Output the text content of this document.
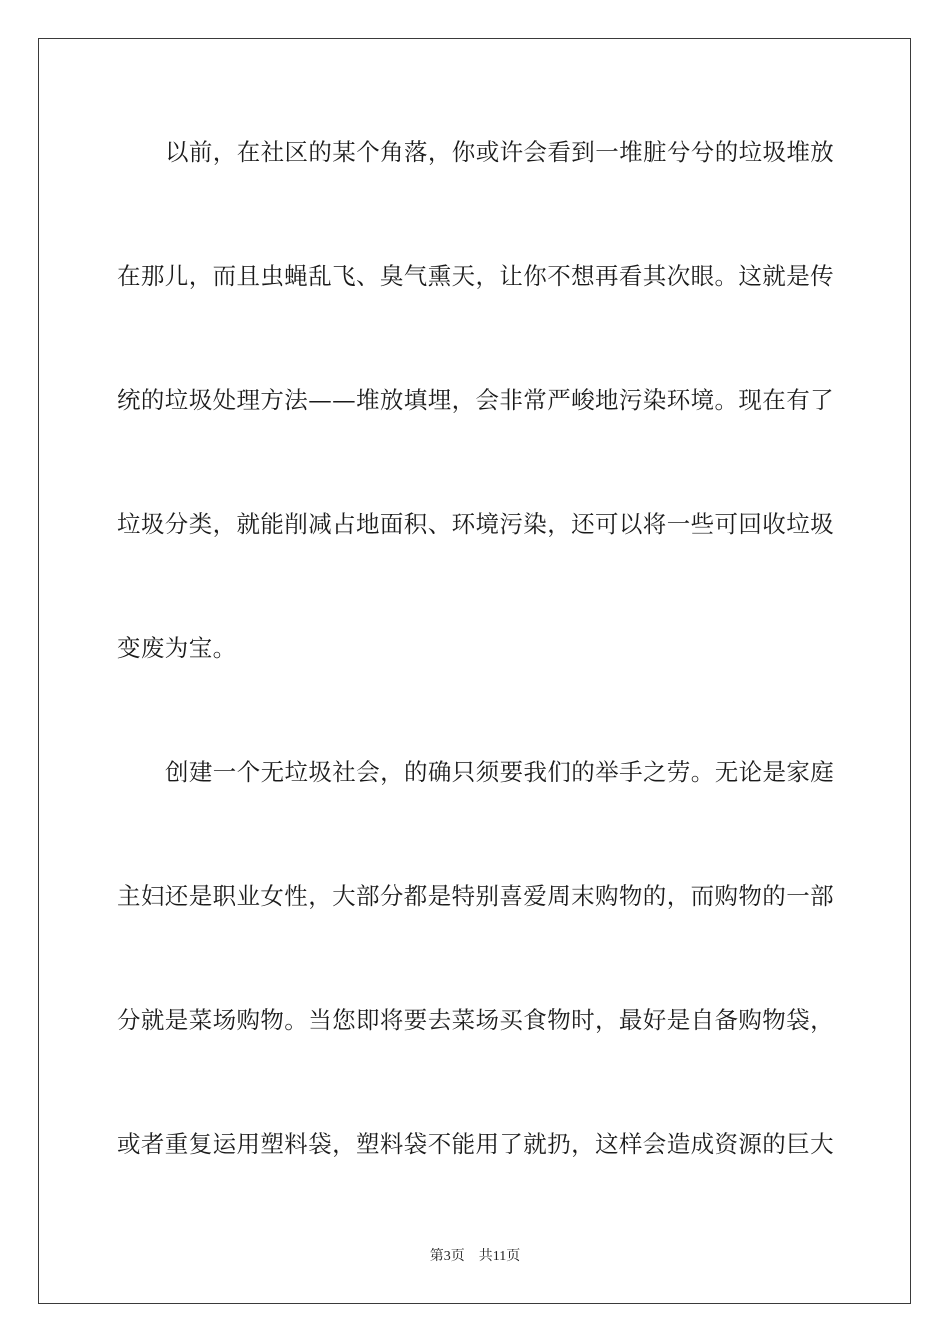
以前，在社区的某个角落，你或许会看到一堆脏兮兮的垃圾堆放
在那儿，而且虫蝇乱飞、臭气熏天，让你不想再看其次眼。这就是传
统的垃圾处理方法——堆放填埋，会非常严峻地污染环境。现在有了
垃圾分类，就能削减占地面积、环境污染，还可以将一些可回收垃圾
变废为宝。
创建一个无垃圾社会，的确只须要我们的举手之劳。无论是家庭
主妇还是职业女性，大部分都是特别喜爱周末购物的，而购物的一部
分就是菜场购物。当您即将要去菜场买食物时，最好是自备购物袋，
或者重复运用塑料袋，塑料袋不能用了就扔，这样会造成资源的巨大
第3页 共11页
